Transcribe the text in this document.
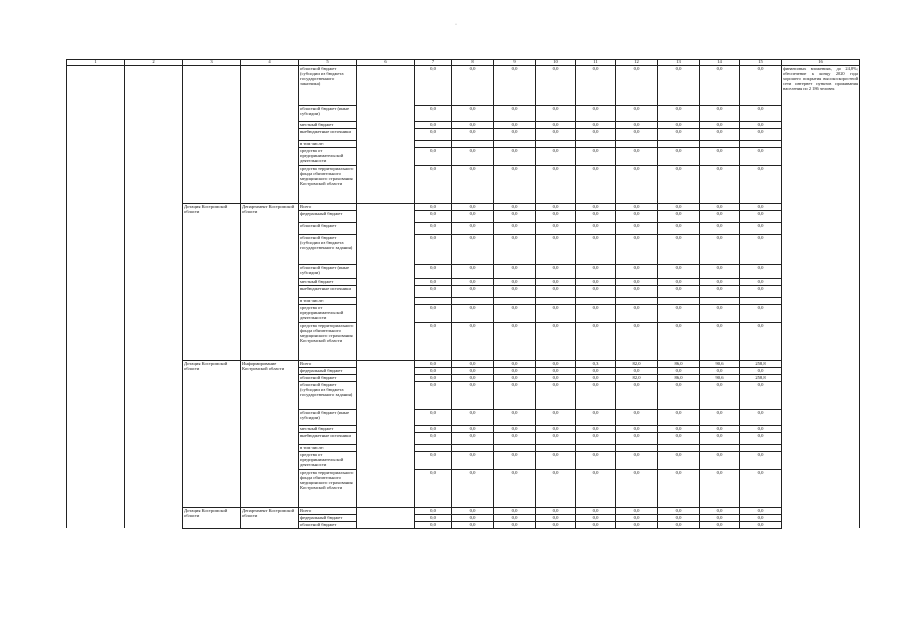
·
1	2	3	4	5	6	7	8	9	10	11	12	13	14	15	16
				областной бюджет (субсидии из бюджета государственного заказчика)		0,0	0,0	0,0	0,0	0,0	0,0	0,0	0,0	0,0	финансовых вложениях, до 24,8%; обеспечение к концу 2020 года хорошего покрытия высокоскоростной сети интернет пунктов проживания населения по 2 186 человек
				областной бюджет (иные субсидии)		0,0	0,0	0,0	0,0	0,0	0,0	0,0	0,0	0,0	
				местный бюджет		0,0	0,0	0,0	0,0	0,0	0,0	0,0	0,0	0,0	
				внебюджетные источники		0,0	0,0	0,0	0,0	0,0	0,0	0,0	0,0	0,0	
				в том числе:											
				средства от предпринимательской деятельности		0,0	0,0	0,0	0,0	0,0	0,0	0,0	0,0	0,0	
				средства территориального фонда обязательного медицинского страхования Костромской области		0,0	0,0	0,0	0,0	0,0	0,0	0,0	0,0	0,0	
		Дотация Костромской области	Департамент Костромской области	Всего		0,0	0,0	0,0	0,0	0,0	0,0	0,0	0,0	0,0	
				федеральный бюджет		0,0	0,0	0,0	0,0	0,0	0,0	0,0	0,0	0,0	
				областной бюджет		0,0	0,0	0,0	0,0	0,0	0,0	0,0	0,0	0,0	
				областной бюджет (субсидии из бюджета государственного задания)		0,0	0,0	0,0	0,0	0,0	0,0	0,0	0,0	0,0	
				областной бюджет (иные субсидии)		0,0	0,0	0,0	0,0	0,0	0,0	0,0	0,0	0,0	
				местный бюджет		0,0	0,0	0,0	0,0	0,0	0,0	0,0	0,0	0,0	
				внебюджетные источники		0,0	0,0	0,0	0,0	0,0	0,0	0,0	0,0	0,0	
				в том числе:											
				средства от предпринимательской деятельности		0,0	0,0	0,0	0,0	0,0	0,0	0,0	0,0	0,0	
				средства территориального фонда обязательного медицинского страхования Костромской области		0,0	0,0	0,0	0,0	0,0	0,0	0,0	0,0	0,0	
		Дотация Костромской области	Информирование Костромской области	Всего		0,0	0,0	0,0	0,0	0,3	82,0	86,0	90,6	258,8	
				федеральный бюджет		0,0	0,0	0,0	0,0	0,0	0,0	0,0	0,0	0,0	
				областной бюджет		0,0	0,0	0,0	0,0	0,0	82,0	86,0	90,6	258,8	
				областной бюджет (субсидии из бюджета государственного задания)		0,0	0,0	0,0	0,0	0,0	0,0	0,0	0,0	0,0	
				областной бюджет (иные субсидии)		0,0	0,0	0,0	0,0	0,0	0,0	0,0	0,0	0,0	
				местный бюджет		0,0	0,0	0,0	0,0	0,0	0,0	0,0	0,0	0,0	
				внебюджетные источники		0,0	0,0	0,0	0,0	0,0	0,0	0,0	0,0	0,0	
				в том числе:											
				средства от предпринимательской деятельности		0,0	0,0	0,0	0,0	0,0	0,0	0,0	0,0	0,0	
				средства территориального фонда обязательного медицинского страхования Костромской области		0,0	0,0	0,0	0,0	0,0	0,0	0,0	0,0	0,0	
		Дотация Костромской области	Департамент Костромской области	Всего		0,0	0,0	0,0	0,0	0,0	0,0	0,0	0,0	0,0	
				федеральный бюджет		0,0	0,0	0,0	0,0	0,0	0,0	0,0	0,0	0,0	
				областной бюджет		0,0	0,0	0,0	0,0	0,0	0,0	0,0	0,0	0,0	
